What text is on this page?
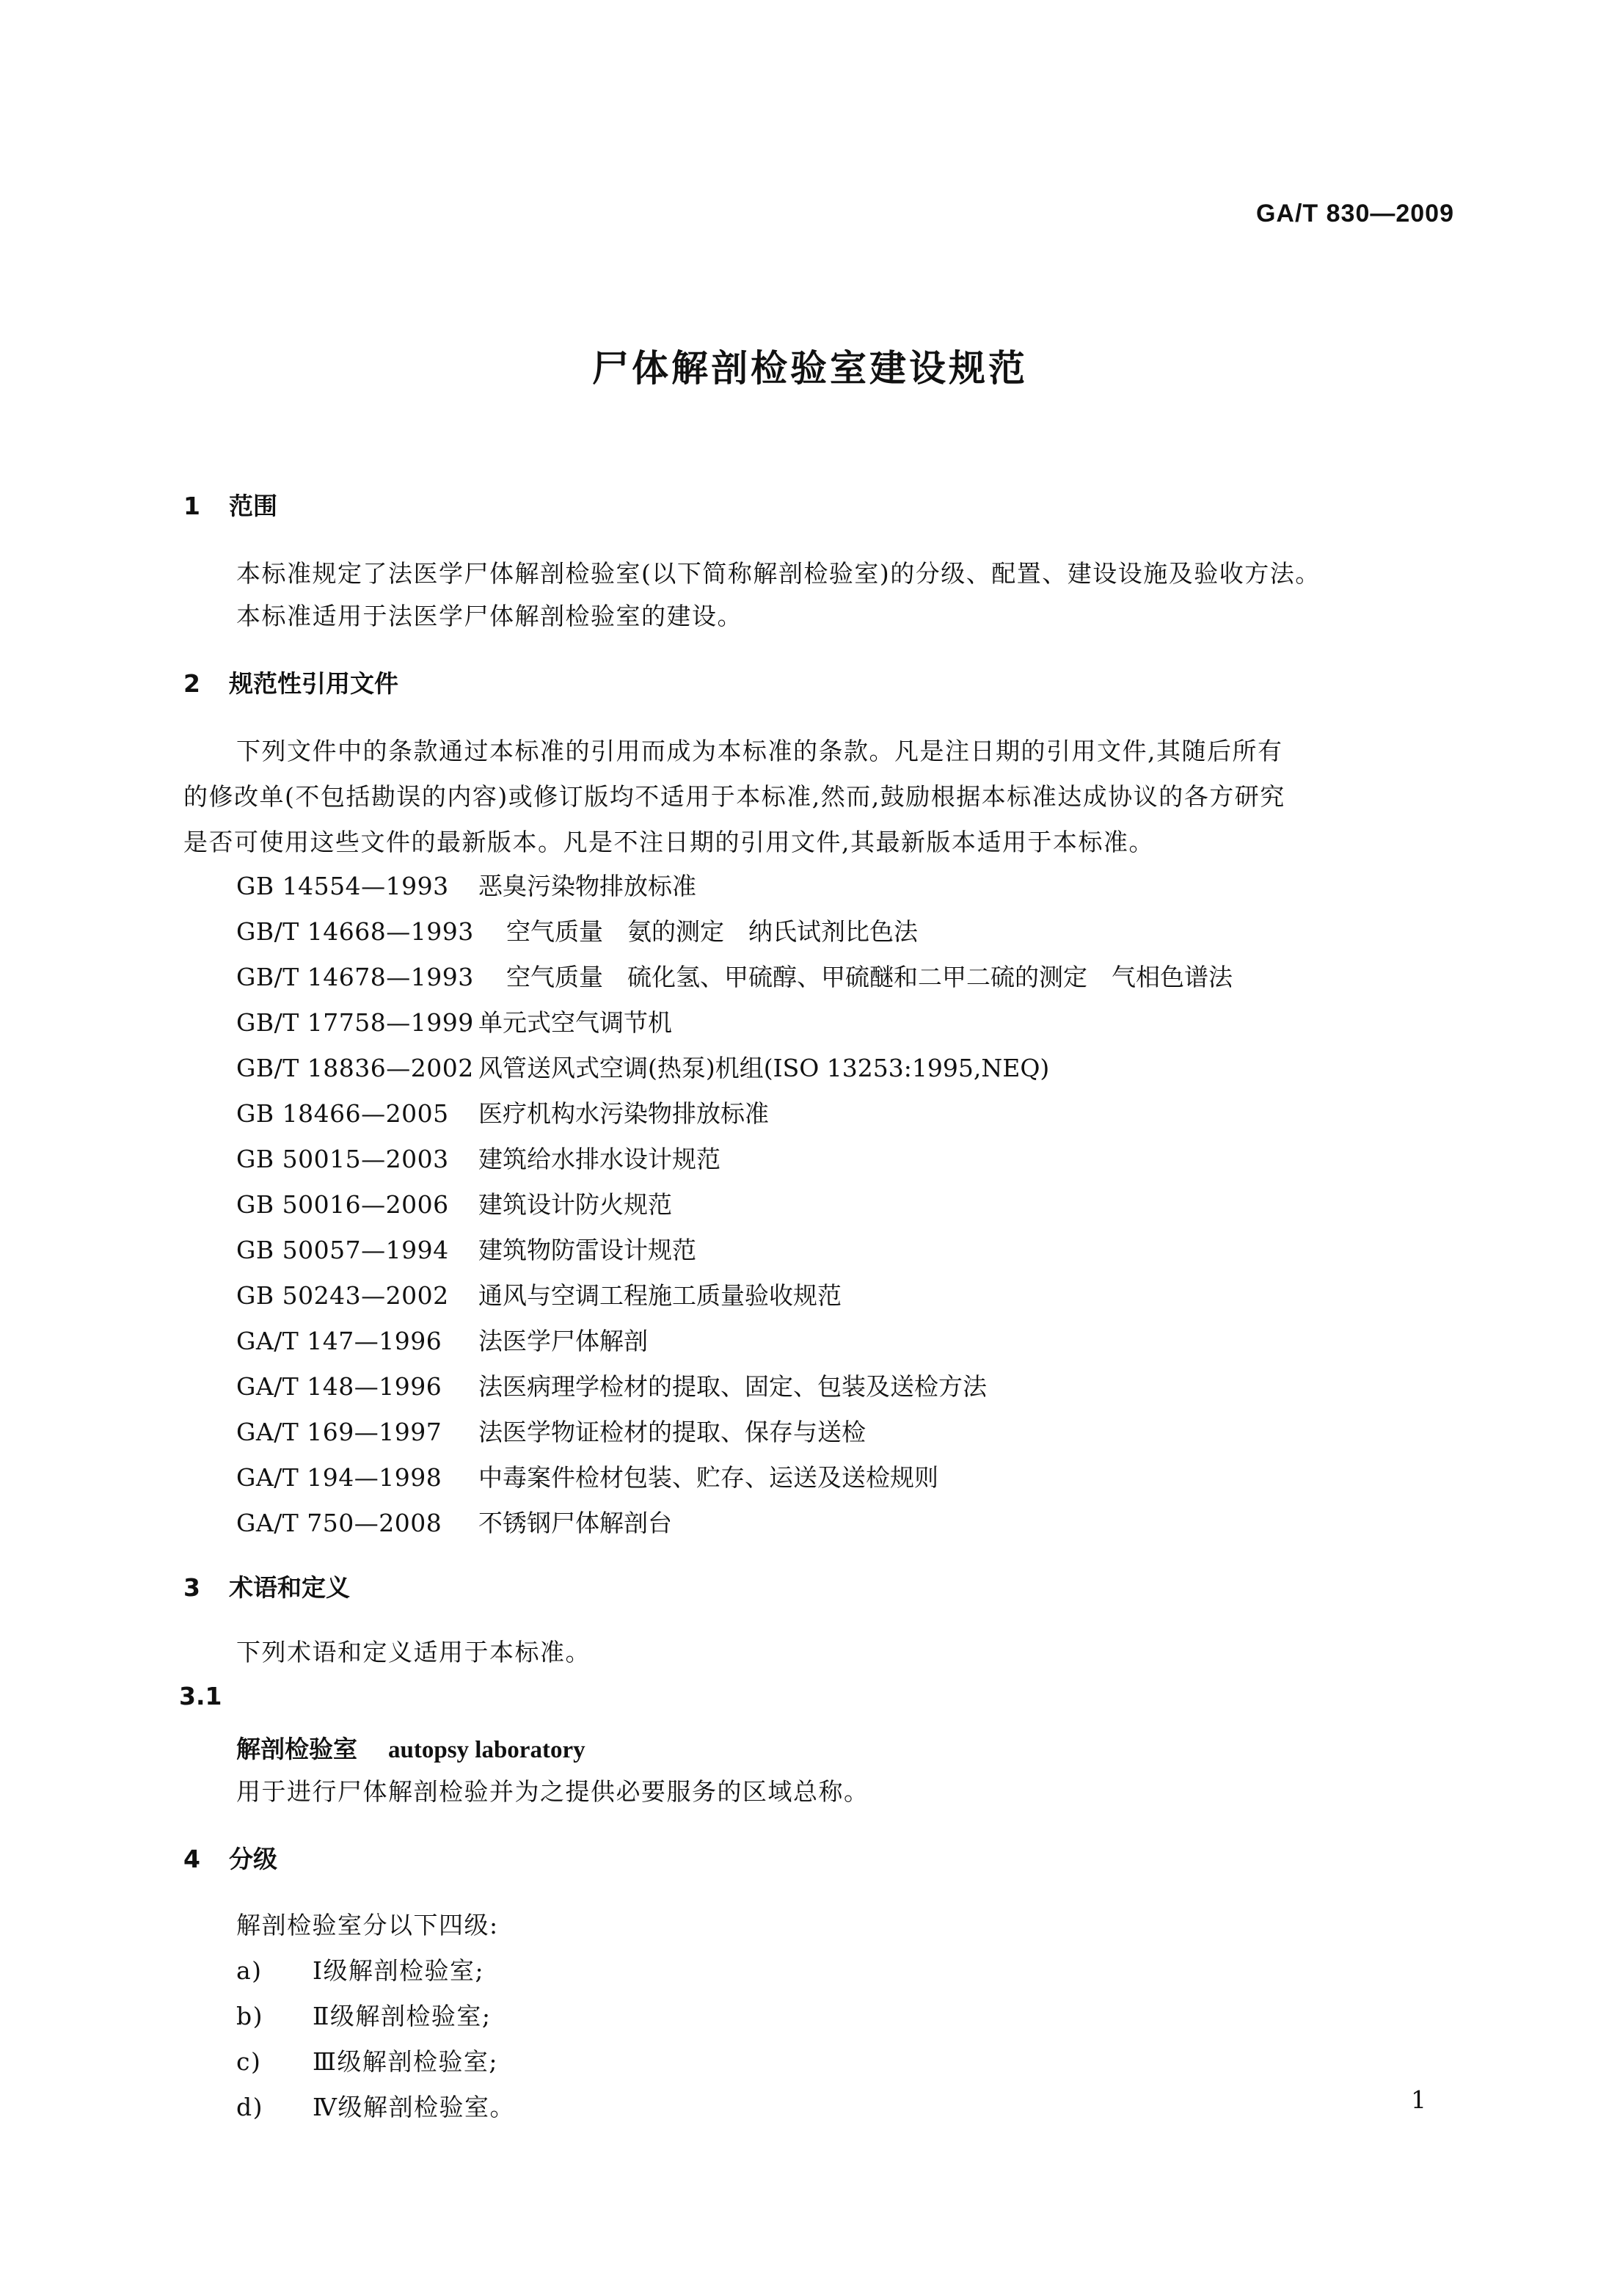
GA/T 830—2009
尸体解剖检验室建设规范
1 范围
本标准规定了法医学尸体解剖检验室(以下简称解剖检验室)的分级、配置、建设设施及验收方法。
本标准适用于法医学尸体解剖检验室的建设。
2 规范性引用文件
下列文件中的条款通过本标准的引用而成为本标准的条款。凡是注日期的引用文件,其随后所有
的修改单(不包括勘误的内容)或修订版均不适用于本标准,然而,鼓励根据本标准达成协议的各方研究
是否可使用这些文件的最新版本。凡是不注日期的引用文件,其最新版本适用于本标准。
GB 14554—1993 恶臭污染物排放标准
GB/T 14668—1993 空气质量　氨的测定　纳氏试剂比色法
GB/T 14678—1993 空气质量　硫化氢、甲硫醇、甲硫醚和二甲二硫的测定　气相色谱法
GB/T 17758—1999 单元式空气调节机
GB/T 18836—2002 风管送风式空调(热泵)机组(ISO 13253:1995,NEQ)
GB 18466—2005 医疗机构水污染物排放标准
GB 50015—2003 建筑给水排水设计规范
GB 50016—2006 建筑设计防火规范
GB 50057—1994 建筑物防雷设计规范
GB 50243—2002 通风与空调工程施工质量验收规范
GA/T 147—1996 法医学尸体解剖
GA/T 148—1996 法医病理学检材的提取、固定、包装及送检方法
GA/T 169—1997 法医学物证检材的提取、保存与送检
GA/T 194—1998 中毒案件检材包装、贮存、运送及送检规则
GA/T 750—2008 不锈钢尸体解剖台
3 术语和定义
下列术语和定义适用于本标准。
3.1
解剖检验室 autopsy laboratory
用于进行尸体解剖检验并为之提供必要服务的区域总称。
4 分级
解剖检验室分以下四级:
a) Ⅰ级解剖检验室;
b) Ⅱ级解剖检验室;
c) Ⅲ级解剖检验室;
d) Ⅳ级解剖检验室。	1
